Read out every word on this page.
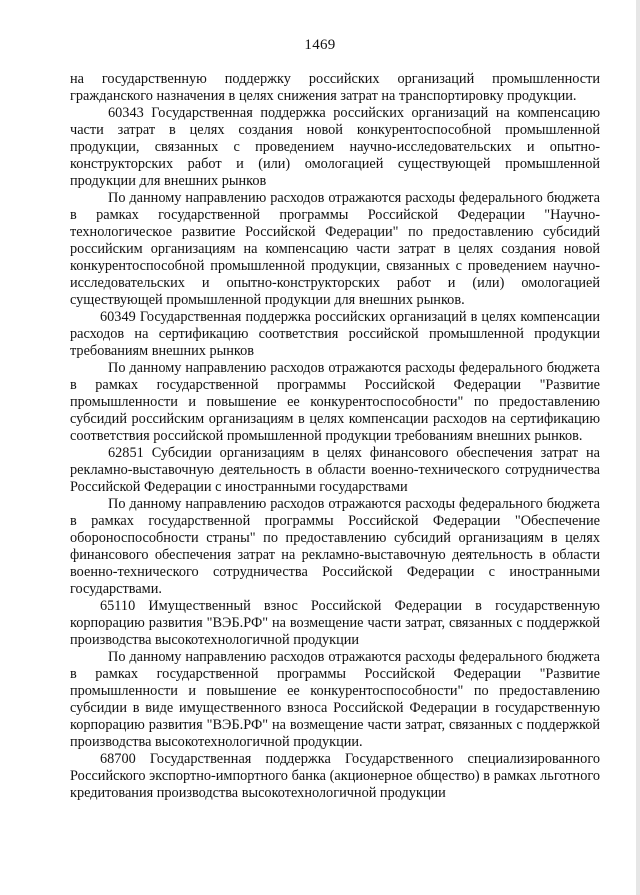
1469

на государственную поддержку российских организаций промышленности гражданского назначения в целях снижения затрат на транспортировку продукции.

60343 Государственная поддержка российских организаций на компенсацию части затрат в целях создания новой конкурентоспособной промышленной продукции, связанных с проведением научно-исследовательских и опытно-конструкторских работ и (или) омологацией существующей промышленной продукции для внешних рынков

По данному направлению расходов отражаются расходы федерального бюджета в рамках государственной программы Российской Федерации "Научно-технологическое развитие Российской Федерации" по предоставлению субсидий российским организациям на компенсацию части затрат в целях создания новой конкурентоспособной промышленной продукции, связанных с проведением научно-исследовательских и опытно-конструкторских работ и (или) омологацией существующей промышленной продукции для внешних рынков.

60349 Государственная поддержка российских организаций в целях компенсации расходов на сертификацию соответствия российской промышленной продукции требованиям внешних рынков

По данному направлению расходов отражаются расходы федерального бюджета в рамках государственной программы Российской Федерации "Развитие промышленности и повышение ее конкурентоспособности" по предоставлению субсидий российским организациям в целях компенсации расходов на сертификацию соответствия российской промышленной продукции требованиям внешних рынков.

62851 Субсидии организациям в целях финансового обеспечения затрат на рекламно-выставочную деятельность в области военно-технического сотрудничества Российской Федерации с иностранными государствами

По данному направлению расходов отражаются расходы федерального бюджета в рамках государственной программы Российской Федерации "Обеспечение обороноспособности страны" по предоставлению субсидий организациям в целях финансового обеспечения затрат на рекламно-выставочную деятельность в области военно-технического сотрудничества Российской Федерации с иностранными государствами.

65110 Имущественный взнос Российской Федерации в государственную корпорацию развития "ВЭБ.РФ" на возмещение части затрат, связанных с поддержкой производства высокотехнологичной продукции

По данному направлению расходов отражаются расходы федерального бюджета в рамках государственной программы Российской Федерации "Развитие промышленности и повышение ее конкурентоспособности" по предоставлению субсидии в виде имущественного взноса Российской Федерации в государственную корпорацию развития "ВЭБ.РФ" на возмещение части затрат, связанных с поддержкой производства высокотехнологичной продукции.

68700 Государственная поддержка Государственного специализированного Российского экспортно-импортного банка (акционерное общество) в рамках льготного кредитования производства высокотехнологичной продукции
